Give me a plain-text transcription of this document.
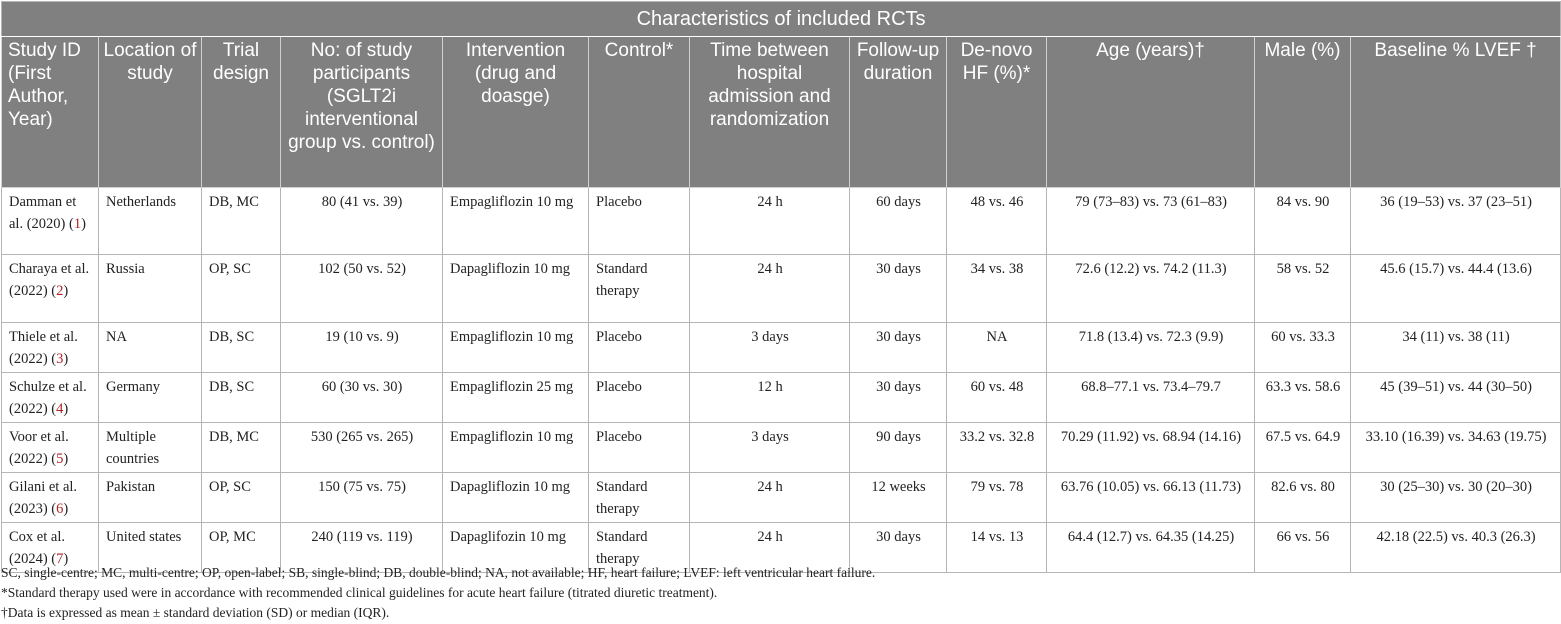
Characteristics of included RCTs											
Study ID (First Author, Year)	Location of study	Trial design	No: of study participants (SGLT2i interventional group vs. control)	Intervention (drug and doasge)	Control*	Time between hospital admission and randomization	Follow-up duration	De-novo HF (%)*	Age (years)†	Male (%)	Baseline % LVEF †
Damman et al. (2020) (1)	Netherlands	DB, MC	80 (41 vs. 39)	Empagliflozin 10 mg	Placebo	24 h	60 days	48 vs. 46	79 (73–83) vs. 73 (61–83)	84 vs. 90	36 (19–53) vs. 37 (23–51)
Charaya et al. (2022) (2)	Russia	OP, SC	102 (50 vs. 52)	Dapagliflozin 10 mg	Standard therapy	24 h	30 days	34 vs. 38	72.6 (12.2) vs. 74.2 (11.3)	58 vs. 52	45.6 (15.7) vs. 44.4 (13.6)
Thiele et al. (2022) (3)	NA	DB, SC	19 (10 vs. 9)	Empagliflozin 10 mg	Placebo	3 days	30 days	NA	71.8 (13.4) vs. 72.3 (9.9)	60 vs. 33.3	34 (11) vs. 38 (11)
Schulze et al. (2022) (4)	Germany	DB, SC	60 (30 vs. 30)	Empagliflozin 25 mg	Placebo	12 h	30 days	60 vs. 48	68.8–77.1 vs. 73.4–79.7	63.3 vs. 58.6	45 (39–51) vs. 44 (30–50)
Voor et al. (2022) (5)	Multiple countries	DB, MC	530 (265 vs. 265)	Empagliflozin 10 mg	Placebo	3 days	90 days	33.2 vs. 32.8	70.29 (11.92) vs. 68.94 (14.16)	67.5 vs. 64.9	33.10 (16.39) vs. 34.63 (19.75)
Gilani et al. (2023) (6)	Pakistan	OP, SC	150 (75 vs. 75)	Dapagliflozin 10 mg	Standard therapy	24 h	12 weeks	79 vs. 78	63.76 (10.05) vs. 66.13 (11.73)	82.6 vs. 80	30 (25–30) vs. 30 (20–30)
Cox et al. (2024) (7)	United states	OP, MC	240 (119 vs. 119)	Dapaglifozin 10 mg	Standard therapy	24 h	30 days	14 vs. 13	64.4 (12.7) vs. 64.35 (14.25)	66 vs. 56	42.18 (22.5) vs. 40.3 (26.3)
SC, single-centre; MC, multi-centre; OP, open-label; SB, single-blind; DB, double-blind; NA, not available; HF, heart failure; LVEF: left ventricular heart failure.
*Standard therapy used were in accordance with recommended clinical guidelines for acute heart failure (titrated diuretic treatment).
†Data is expressed as mean ± standard deviation (SD) or median (IQR).
